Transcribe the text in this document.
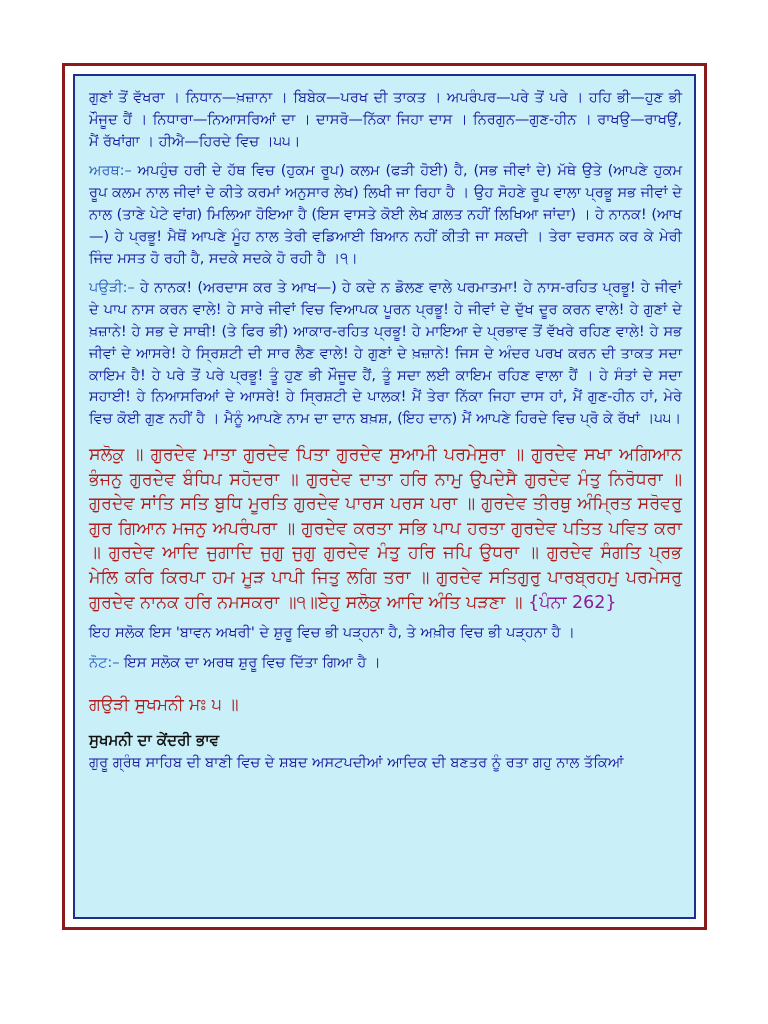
ਗੁਣਾਂ ਤੋਂ ਵੱਖਰਾ । ਨਿਧਾਨ—ਖ਼ਜ਼ਾਨਾ । ਬਿਬੇਕ—ਪਰਖ ਦੀ ਤਾਕਤ । ਅਪਰੰਪਰ—ਪਰੇ ਤੋਂ ਪਰੇ । ਹਹਿ ਭੀ—ਹੁਣ ਭੀ ਮੌਜੂਦ ਹੈਂ । ਨਿਧਾਰਾ—ਨਿਆਸਰਿਆਂ ਦਾ । ਦਾਸਰੋ—ਨਿੱਕਾ ਜਿਹਾ ਦਾਸ । ਨਿਰਗੁਨ—ਗੁਣ-ਹੀਨ । ਰਾਖਉ—ਰਾਖਉਂ, ਮੈਂ ਰੱਖਾਂਗਾ । ਹੀਐ—ਹਿਰਦੇ ਵਿਚ ।੫੫।

ਅਰਥ:– ਅਪਹੁੰਚ ਹਰੀ ਦੇ ਹੱਥ ਵਿਚ (ਹੁਕਮ ਰੂਪ) ਕਲਮ (ਫੜੀ ਹੋਈ) ਹੈ, (ਸਭ ਜੀਵਾਂ ਦੇ) ਮੱਥੇ ਉਤੇ (ਆਪਣੇ ਹੁਕਮ ਰੂਪ ਕਲਮ ਨਾਲ ਜੀਵਾਂ ਦੇ ਕੀਤੇ ਕਰਮਾਂ ਅਨੁਸਾਰ ਲੇਖ) ਲਿਖੀ ਜਾ ਰਿਹਾ ਹੈ । ਉਹ ਸੋਹਣੇ ਰੂਪ ਵਾਲਾ ਪ੍ਰਭੂ ਸਭ ਜੀਵਾਂ ਦੇ ਨਾਲ (ਤਾਣੇ ਪੇਟੇ ਵਾਂਗ) ਮਿਲਿਆ ਹੋਇਆ ਹੈ (ਇਸ ਵਾਸਤੇ ਕੋਈ ਲੇਖ ਗ਼ਲਤ ਨਹੀਂ ਲਿਖਿਆ ਜਾਂਦਾ) । ਹੇ ਨਾਨਕ! (ਆਖ—) ਹੇ ਪ੍ਰਭੂ! ਮੈਥੋਂ ਆਪਣੇ ਮੂੰਹ ਨਾਲ ਤੇਰੀ ਵਡਿਆਈ ਬਿਆਨ ਨਹੀਂ ਕੀਤੀ ਜਾ ਸਕਦੀ । ਤੇਰਾ ਦਰਸਨ ਕਰ ਕੇ ਮੇਰੀ ਜਿੰਦ ਮਸਤ ਹੋ ਰਹੀ ਹੈ, ਸਦਕੇ ਸਦਕੇ ਹੋ ਰਹੀ ਹੈ ।੧।

ਪਉੜੀ:– ਹੇ ਨਾਨਕ! (ਅਰਦਾਸ ਕਰ ਤੇ ਆਖ—) ਹੇ ਕਦੇ ਨ ਡੋਲਣ ਵਾਲੇ ਪਰਮਾਤਮਾ! ਹੇ ਨਾਸ-ਰਹਿਤ ਪ੍ਰਭੂ! ਹੇ ਜੀਵਾਂ ਦੇ ਪਾਪ ਨਾਸ ਕਰਨ ਵਾਲੇ! ਹੇ ਸਾਰੇ ਜੀਵਾਂ ਵਿਚ ਵਿਆਪਕ ਪੂਰਨ ਪ੍ਰਭੂ! ਹੇ ਜੀਵਾਂ ਦੇ ਦੁੱਖ ਦੂਰ ਕਰਨ ਵਾਲੇ! ਹੇ ਗੁਣਾਂ ਦੇ ਖ਼ਜ਼ਾਨੇ! ਹੇ ਸਭ ਦੇ ਸਾਥੀ! (ਤੇ ਫਿਰ ਭੀ) ਆਕਾਰ-ਰਹਿਤ ਪ੍ਰਭੂ! ਹੇ ਮਾਇਆ ਦੇ ਪ੍ਰਭਾਵ ਤੋਂ ਵੱਖਰੇ ਰਹਿਣ ਵਾਲੇ! ਹੇ ਸਭ ਜੀਵਾਂ ਦੇ ਆਸਰੇ! ਹੇ ਸ੍ਰਿਸ਼ਟੀ ਦੀ ਸਾਰ ਲੈਣ ਵਾਲੇ! ਹੇ ਗੁਣਾਂ ਦੇ ਖ਼ਜ਼ਾਨੇ! ਜਿਸ ਦੇ ਅੰਦਰ ਪਰਖ ਕਰਨ ਦੀ ਤਾਕਤ ਸਦਾ ਕਾਇਮ ਹੈ! ਹੇ ਪਰੇ ਤੋਂ ਪਰੇ ਪ੍ਰਭੂ! ਤੂੰ ਹੁਣ ਭੀ ਮੌਜੂਦ ਹੈਂ, ਤੂੰ ਸਦਾ ਲਈ ਕਾਇਮ ਰਹਿਣ ਵਾਲਾ ਹੈਂ । ਹੇ ਸੰਤਾਂ ਦੇ ਸਦਾ ਸਹਾਈ! ਹੇ ਨਿਆਸਰਿਆਂ ਦੇ ਆਸਰੇ! ਹੇ ਸ੍ਰਿਸ਼ਟੀ ਦੇ ਪਾਲਕ! ਮੈਂ ਤੇਰਾ ਨਿੱਕਾ ਜਿਹਾ ਦਾਸ ਹਾਂ, ਮੈਂ ਗੁਣ-ਹੀਨ ਹਾਂ, ਮੇਰੇ ਵਿਚ ਕੋਈ ਗੁਣ ਨਹੀਂ ਹੈ । ਮੈਨੂੰ ਆਪਣੇ ਨਾਮ ਦਾ ਦਾਨ ਬਖ਼ਸ਼, (ਇਹ ਦਾਨ) ਮੈਂ ਆਪਣੇ ਹਿਰਦੇ ਵਿਚ ਪ੍ਰੋ ਕੇ ਰੱਖਾਂ ।੫੫।

ਸਲੋਕੁ ॥ ਗੁਰਦੇਵ ਮਾਤਾ ਗੁਰਦੇਵ ਪਿਤਾ ਗੁਰਦੇਵ ਸੁਆਮੀ ਪਰਮੇਸੁਰਾ ॥ ਗੁਰਦੇਵ ਸਖਾ ਅਗਿਆਨ ਭੰਜਨੁ ਗੁਰਦੇਵ ਬੰਧਿਪ ਸਹੋਦਰਾ ॥ ਗੁਰਦੇਵ ਦਾਤਾ ਹਰਿ ਨਾਮੁ ਉਪਦੇਸੈ ਗੁਰਦੇਵ ਮੰਤੁ ਨਿਰੋਧਰਾ ॥ ਗੁਰਦੇਵ ਸਾਂਤਿ ਸਤਿ ਬੁਧਿ ਮੂਰਤਿ ਗੁਰਦੇਵ ਪਾਰਸ ਪਰਸ ਪਰਾ ॥ ਗੁਰਦੇਵ ਤੀਰਥੁ ਅੰਮ੍ਰਿਤ ਸਰੋਵਰੁ ਗੁਰ ਗਿਆਨ ਮਜਨੁ ਅਪਰੰਪਰਾ ॥ ਗੁਰਦੇਵ ਕਰਤਾ ਸਭਿ ਪਾਪ ਹਰਤਾ ਗੁਰਦੇਵ ਪਤਿਤ ਪਵਿਤ ਕਰਾ ॥ ਗੁਰਦੇਵ ਆਦਿ ਜੁਗਾਦਿ ਜੁਗੁ ਜੁਗੁ ਗੁਰਦੇਵ ਮੰਤੁ ਹਰਿ ਜਪਿ ਉਧਰਾ ॥ ਗੁਰਦੇਵ ਸੰਗਤਿ ਪ੍ਰਭ ਮੇਲਿ ਕਰਿ ਕਿਰਪਾ ਹਮ ਮੂੜ ਪਾਪੀ ਜਿਤੁ ਲਗਿ ਤਰਾ ॥ ਗੁਰਦੇਵ ਸਤਿਗੁਰੁ ਪਾਰਬ੍ਰਹਮੁ ਪਰਮੇਸਰੁ ਗੁਰਦੇਵ ਨਾਨਕ ਹਰਿ ਨਮਸਕਰਾ ॥੧॥ਏਹੁ ਸਲੋਕੁ ਆਦਿ ਅੰਤਿ ਪੜਣਾ ॥ {ਪੰਨਾ 262}

ਇਹ ਸਲੋਕ ਇਸ 'ਬਾਵਨ ਅਖਰੀ' ਦੇ ਸ਼ੁਰੂ ਵਿਚ ਭੀ ਪੜ੍ਹਨਾ ਹੈ, ਤੇ ਅਖ਼ੀਰ ਵਿਚ ਭੀ ਪੜ੍ਹਨਾ ਹੈ ।

ਨੋਟ:– ਇਸ ਸਲੋਕ ਦਾ ਅਰਥ ਸ਼ੁਰੂ ਵਿਚ ਦਿੱਤਾ ਗਿਆ ਹੈ ।

ਗਉੜੀ ਸੁਖਮਨੀ ਮਃ ੫ ॥
ਸੁਖਮਨੀ ਦਾ ਕੇਂਦਰੀ ਭਾਵ
ਗੁਰੂ ਗ੍ਰੰਥ ਸਾਹਿਬ ਦੀ ਬਾਣੀ ਵਿਚ ਦੇ ਸ਼ਬਦ ਅਸਟਪਦੀਆਂ ਆਦਿਕ ਦੀ ਬਣਤਰ ਨੂੰ ਰਤਾ ਗਹੁ ਨਾਲ ਤੱਕਿਆਂ
